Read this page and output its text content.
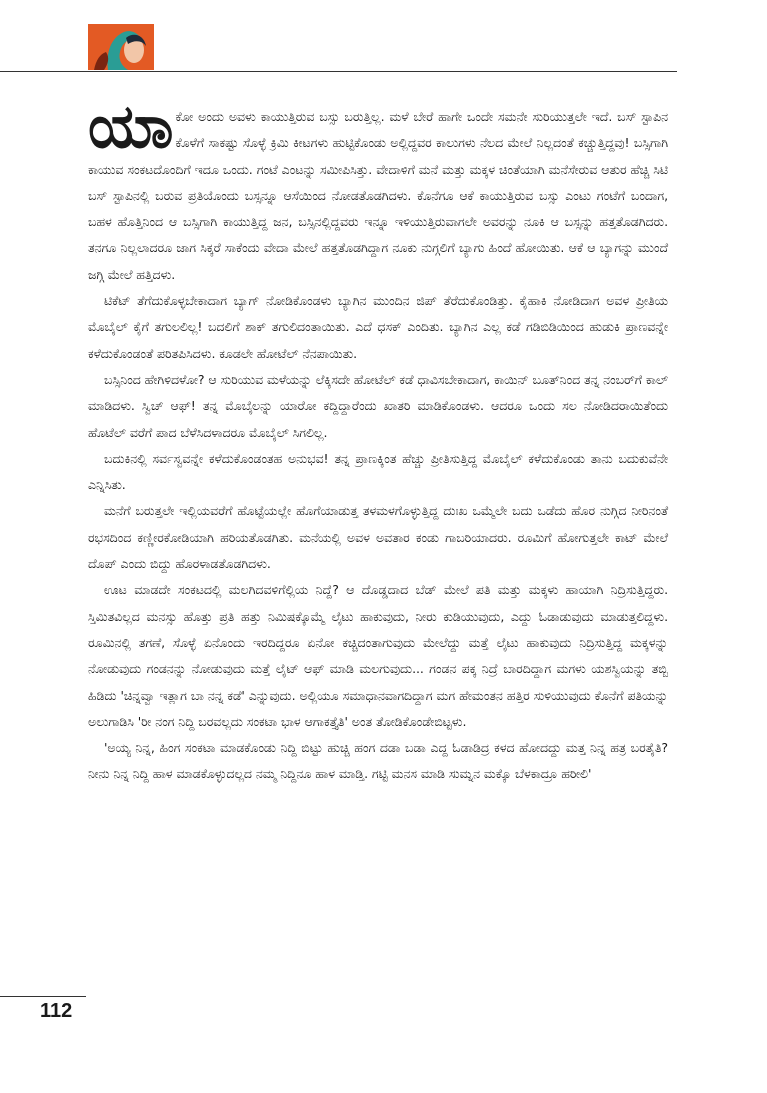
ಯಾಕೋ ಅಂದು ಅವಳು ಕಾಯುತ್ತಿರುವ ಬಸ್ಸು ಬರುತ್ತಿಲ್ಲ. ಮಳೆ ಬೇರೆ ಹಾಗೇ ಒಂದೇ ಸಮನೇ ಸುರಿಯುತ್ತಲೇ ಇದೆ. ಬಸ್ ಸ್ಟಾಪಿನ ಕೊಳೆಗೆ ಸಾಕಷ್ಟು ಸೊಳ್ಳೆ ಕ್ರಿಮಿ ಕೀಟಗಳು ಹುಟ್ಟಿಕೊಂಡು ಅಲ್ಲಿದ್ದವರ ಕಾಲುಗಳು ನೆಲದ ಮೇಲೆ ನಿಲ್ಲದಂತೆ ಕಚ್ಚುತ್ತಿದ್ದವು! ಬಸ್ಸಿಗಾಗಿ ಕಾಯುವ ಸಂಕಟದೊಂದಿಗೆ ಇದೂ ಒಂದು. ಗಂಟೆ ಎಂಟನ್ನು ಸಮೀಪಿಸಿತ್ತು. ವೇದಾಳಿಗೆ ಮನೆ ಮತ್ತು ಮಕ್ಕಳ ಚಿಂತೆಯಾಗಿ ಮನೆಸೇರುವ ಆತುರ ಹೆಚ್ಚಿ ಸಿಟಿ ಬಸ್ ಸ್ಟಾಪಿನಲ್ಲಿ ಬರುವ ಪ್ರತಿಯೊಂದು ಬಸ್ಸನ್ನೂ ಆಸೆಯಿಂದ ನೋಡತೊಡಗಿದಳು. ಕೊನೆಗೂ ಆಕೆ ಕಾಯುತ್ತಿರುವ ಬಸ್ಸು ಎಂಟು ಗಂಟೆಗೆ ಬಂದಾಗ, ಬಹಳ ಹೊತ್ತಿನಿಂದ ಆ ಬಸ್ಸಿಗಾಗಿ ಕಾಯುತ್ತಿದ್ದ ಜನ, ಬಸ್ಸಿನಲ್ಲಿದ್ದವರು ಇನ್ನೂ ಇಳಿಯುತ್ತಿರುವಾಗಲೇ ಅವರನ್ನು ನೂಕಿ ಆ ಬಸ್ಸನ್ನು ಹತ್ತತೊಡಗಿದರು. ತನಗೂ ನಿಲ್ಲಲಾದರೂ ಜಾಗ ಸಿಕ್ಕರೆ ಸಾಕೆಂದು ವೇದಾ ಮೇಲೆ ಹತ್ತತೊಡಗಿದ್ದಾಗ ನೂಕು ನುಗ್ಗಲಿಗೆ ಬ್ಯಾಗು ಹಿಂದೆ ಹೋಯಿತು. ಆಕೆ ಆ ಬ್ಯಾಗನ್ನು ಮುಂದೆ ಜಗ್ಗಿ ಮೇಲೆ ಹತ್ತಿದಳು.

ಟಿಕೆಟ್ ತೆಗೆದುಕೊಳ್ಳಬೇಕಾದಾಗ ಬ್ಯಾಗ್ ನೋಡಿಕೊಂಡಳು ಬ್ಯಾಗಿನ ಮುಂದಿನ ಜಿಪ್ ತೆರೆದುಕೊಂಡಿತ್ತು. ಕೈಹಾಕಿ ನೋಡಿದಾಗ ಅವಳ ಪ್ರೀತಿಯ ಮೊಬೈಲ್ ಕೈಗೆ ತಗುಲಲಿಲ್ಲ! ಬದಲಿಗೆ ಶಾಕ್ ತಗುಲಿದಂತಾಯಿತು. ಎದೆ ಧಸಕ್ ಎಂದಿತು. ಬ್ಯಾಗಿನ ಎಲ್ಲ ಕಡೆ ಗಡಿಬಿಡಿಯಿಂದ ಹುಡುಕಿ ಪ್ರಾಣವನ್ನೇ ಕಳೆದುಕೊಂಡಂತೆ ಪರಿತಪಿಸಿದಳು. ಕೂಡಲೇ ಹೋಟೆಲ್ ನೆನಪಾಯಿತು.

ಬಸ್ಸಿನಿಂದ ಹೇಗಿಳಿದಳೋ? ಆ ಸುರಿಯುವ ಮಳೆಯನ್ನು ಲೆಕ್ಕಿಸದೇ ಹೋಟೆಲ್ ಕಡೆ ಧಾವಿಸಬೇಕಾದಾಗ, ಕಾಯಿನ್ ಬೂತ್‌ನಿಂದ ತನ್ನ ನಂಬರ್‌ಗೆ ಕಾಲ್ ಮಾಡಿದಳು. ಸ್ವಿಚ್ ಆಫ್! ತನ್ನ ಮೊಬೈಲನ್ನು ಯಾರೋ ಕದ್ದಿದ್ದಾರೆಂದು ಖಾತರಿ ಮಾಡಿಕೊಂಡಳು. ಆದರೂ ಒಂದು ಸಲ ನೋಡಿದರಾಯಿತೆಂದು ಹೊಟೆಲ್ ವರೆಗೆ ಪಾದ ಬೆಳೆಸಿದಳಾದರೂ ಮೊಬೈಲ್ ಸಿಗಲಿಲ್ಲ.

ಬದುಕಿನಲ್ಲಿ ಸರ್ವಸ್ವವನ್ನೇ ಕಳೆದುಕೊಂಡಂತಹ ಅನುಭವ! ತನ್ನ ಪ್ರಾಣಕ್ಕಿಂತ ಹೆಚ್ಚು ಪ್ರೀತಿಸುತ್ತಿದ್ದ ಮೊಬೈಲ್ ಕಳೆದುಕೊಂಡು ತಾನು ಬದುಕುವೆನೇ ಎನ್ನಿಸಿತು.

ಮನೆಗೆ ಬರುತ್ತಲೇ ಇಲ್ಲಿಯವರೆಗೆ ಹೊಟ್ಟೆಯಲ್ಲೇ ಹೊಗೆಯಾಡುತ್ತ ತಳಮಳಗೊಳ್ಳುತ್ತಿದ್ದ ದುಃಖ ಒಮ್ಮೆಲೇ ಬದು ಒಡೆದು ಹೊರ ನುಗ್ಗಿದ ನೀರಿನಂತೆ ರಭಸದಿಂದ ಕಣ್ಣೀರಕೋಡಿಯಾಗಿ ಹರಿಯತೊಡಗಿತು. ಮನೆಯಲ್ಲಿ ಅವಳ ಅವತಾರ ಕಂಡು ಗಾಬರಿಯಾದರು. ರೂಮಿಗೆ ಹೋಗುತ್ತಲೇ ಕಾಟ್ ಮೇಲೆ ದೊಪ್ ಎಂದು ಬಿದ್ದು ಹೊರಳಾಡತೊಡಗಿದಳು.

ಊಟ ಮಾಡದೇ ಸಂಕಟದಲ್ಲಿ ಮಲಗಿದವಳಿಗೆಲ್ಲಿಯ ನಿದ್ದೆ? ಆ ದೊಡ್ಡದಾದ ಬೆಡ್ ಮೇಲೆ ಪತಿ ಮತ್ತು ಮಕ್ಕಳು ಹಾಯಾಗಿ ನಿದ್ರಿಸುತ್ತಿದ್ದರು. ಸ್ತಿಮಿತವಿಲ್ಲದ ಮನಸ್ಸು ಹೊತ್ತು ಪ್ರತಿ ಹತ್ತು ನಿಮಿಷಕ್ಕೊಮ್ಮೆ ಲೈಟು ಹಾಕುವುದು, ನೀರು ಕುಡಿಯುವುದು, ಎದ್ದು ಓಡಾಡುವುದು ಮಾಡುತ್ತಲಿದ್ದಳು. ರೂಮಿನಲ್ಲಿ ತಗಣೆ, ಸೊಳ್ಳೆ ಏನೊಂದು ಇರದಿದ್ದರೂ ಏನೋ ಕಚ್ಚಿದಂತಾಗುವುದು ಮೇಲೆದ್ದು ಮತ್ತೆ ಲೈಟು ಹಾಕುವುದು ನಿದ್ರಿಸುತ್ತಿದ್ದ ಮಕ್ಕಳನ್ನು ನೋಡುವುದು ಗಂಡನನ್ನು ನೋಡುವುದು ಮತ್ತೆ ಲೈಟ್ ಆಫ್ ಮಾಡಿ ಮಲಗುವುದು... ಗಂಡನ ಪಕ್ಕ ನಿದ್ರೆ ಬಾರದಿದ್ದಾಗ ಮಗಳು ಯಶಸ್ವಿಯನ್ನು ತಬ್ಬಿ ಹಿಡಿದು 'ಚಿನ್ನವ್ವಾ ಇತ್ಲಾಗ ಬಾ ನನ್ನ ಕಡೆ' ಎನ್ನುವುದು. ಅಲ್ಲಿಯೂ ಸಮಾಧಾನವಾಗದಿದ್ದಾಗ ಮಗ ಹೇಮಂತನ ಹತ್ತಿರ ಸುಳಿಯುವುದು ಕೊನೆಗೆ ಪತಿಯನ್ನು ಅಲುಗಾಡಿಸಿ 'ರೀ ನಂಗ ನಿದ್ದಿ ಬರವಲ್ಲದು ಸಂಕಟಾ ಭಾಳ ಆಗಾಕತ್ತೈತಿ' ಅಂತ ತೋಡಿಕೊಂಡೇಬಿಟ್ಟಳು.

'ಅಯ್ಯ ನಿನ್ನ, ಹಿಂಗ ಸಂಕಟಾ ಮಾಡಕೊಂಡು ನಿದ್ದಿ ಬಿಟ್ಟು ಹುಚ್ಚಿ ಹಂಗ ದಡಾ ಬಡಾ ಎದ್ದ ಓಡಾಡಿದ್ರ ಕಳದ ಹೋದದ್ದು ಮತ್ತ ನಿನ್ನ ಹತ್ರ ಬರತೈತಿ? ನೀನು ನಿನ್ನ ನಿದ್ದಿ ಹಾಳ ಮಾಡಕೊಳ್ಳುದಲ್ಲದ ನಮ್ಮ ನಿದ್ದಿನೂ ಹಾಳ ಮಾಡ್ತಿ. ಗಟ್ಟಿ ಮನಸ ಮಾಡಿ ಸುಮ್ನನ ಮಕ್ಕೊ ಬೆಳಕಾದ್ರೂ ಹರೀಲಿ'

112
